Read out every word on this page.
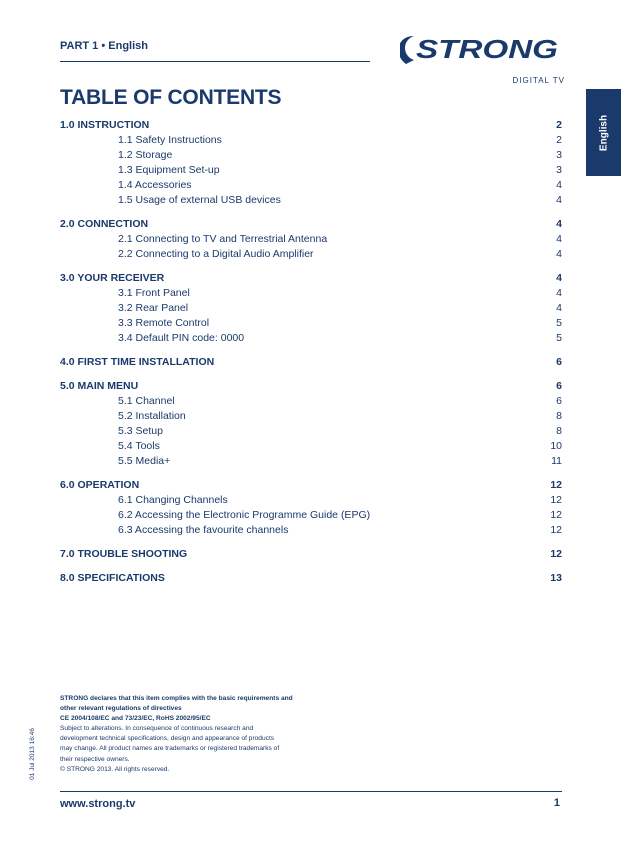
PART 1 • English	STRONG
DIGITAL TV
English
TABLE OF CONTENTS
1.0 INSTRUCTION	2
1.1 Safety Instructions	2
1.2 Storage	3
1.3 Equipment Set-up	3
1.4 Accessories	4
1.5 Usage of external USB devices	4
2.0 CONNECTION	4
2.1 Connecting to TV and Terrestrial Antenna	4
2.2 Connecting to a Digital Audio Amplifier	4
3.0 YOUR RECEIVER	4
3.1 Front Panel	4
3.2 Rear Panel	4
3.3 Remote Control	5
3.4 Default PIN code: 0000	5
4.0 FIRST TIME INSTALLATION	6
5.0 MAIN MENU	6
5.1 Channel	6
5.2 Installation	8
5.3 Setup	8
5.4 Tools	10
5.5 Media+	11
6.0 OPERATION	12
6.1 Changing Channels	12
6.2 Accessing the Electronic Programme Guide (EPG)	12
6.3 Accessing the favourite channels	12
7.0 TROUBLE SHOOTING	12
8.0 SPECIFICATIONS	13
STRONG declares that this item complies with the basic requirements and
other relevant regulations of directives
CE 2004/108/EC and 73/23/EC, RoHS 2002/95/EC
Subject to alterations. In consequence of continuous research and
development technical specifications, design and appearance of products
may change. All product names are trademarks or registered trademarks of
their respective owners.
© STRONG 2013. All rights reserved.
01 Jul 2013 16:46
www.strong.tv	1
